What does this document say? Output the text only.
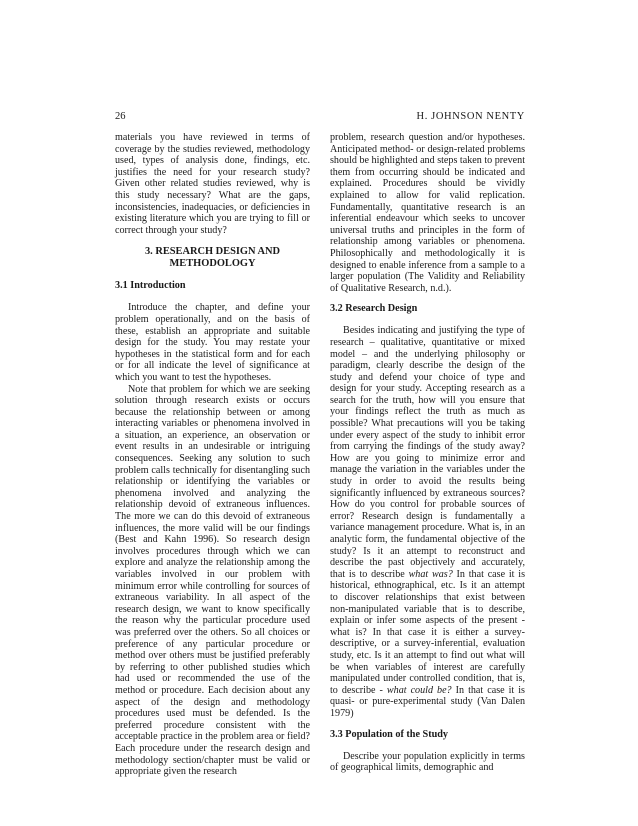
26	H. JOHNSON NENTY

materials you have reviewed in terms of coverage by the studies reviewed, methodology used, types of analysis done, findings, etc. justifies the need for your research study? Given other related studies reviewed, why is this study necessary? What are the gaps, inconsistencies, inadequacies, or deficiencies in existing literature which you are trying to fill or correct through your study?

3. RESEARCH DESIGN AND METHODOLOGY
3.1 Introduction

Introduce the chapter, and define your problem operationally, and on the basis of these, establish an appropriate and suitable design for the study. You may restate your hypotheses in the statistical form and for each or for all indicate the level of significance at which you want to test the hypotheses.

Note that problem for which we are seeking solution through research exists or occurs because the relationship between or among interacting variables or phenomena involved in a situation, an experience, an observation or event results in an undesirable or intriguing consequences. Seeking any solution to such problem calls technically for disentangling such relationship or identifying the variables or phenomena involved and analyzing the relationship devoid of extraneous influences. The more we can do this devoid of extraneous influences, the more valid will be our findings (Best and Kahn 1996). So research design involves procedures through which we can explore and analyze the relationship among the variables involved in our problem with minimum error while controlling for sources of extraneous variability. In all aspect of the research design, we want to know specifically the reason why the particular procedure used was preferred over the others. So all choices or preference of any particular procedure or method over others must be justified preferably by referring to other published studies which had used or recommended the use of the method or procedure. Each decision about any aspect of the design and methodology procedures used must be defended. Is the preferred procedure consistent with the acceptable practice in the problem area or field? Each procedure under the research design and methodology section/chapter must be valid or appropriate given the research

problem, research question and/or hypotheses. Anticipated method- or design-related problems should be highlighted and steps taken to prevent them from occurring should be indicated and explained. Procedures should be vividly explained to allow for valid replication. Fundamentally, quantitative research is an inferential endeavour which seeks to uncover universal truths and principles in the form of relationship among variables or phenomena. Philosophically and methodologically it is designed to enable inference from a sample to a larger population (The Validity and Reliability of Qualitative Research, n.d.).

3.2 Research Design

Besides indicating and justifying the type of research – qualitative, quantitative or mixed model – and the underlying philosophy or paradigm, clearly describe the design of the study and defend your choice of type and design for your study. Accepting research as a search for the truth, how will you ensure that your findings reflect the truth as much as possible? What precautions will you be taking under every aspect of the study to inhibit error from carrying the findings of the study away? How are you going to minimize error and manage the variation in the variables under the study in order to avoid the results being significantly influenced by extraneous sources? How do you control for probable sources of error? Research design is fundamentally a variance management procedure. What is, in an analytic form, the fundamental objective of the study? Is it an attempt to reconstruct and describe the past objectively and accurately, that is to describe what was? In that case it is historical, ethnographical, etc. Is it an attempt to discover relationships that exist between non-manipulated variable that is to describe, explain or infer some aspects of the present - what is? In that case it is either a survey-descriptive, or a survey-inferential, evaluation study, etc. Is it an attempt to find out what will be when variables of interest are carefully manipulated under controlled condition, that is, to describe - what could be? In that case it is quasi- or pure-experimental study (Van Dalen 1979)

3.3 Population of the Study

Describe your population explicitly in terms of geographical limits, demographic and
